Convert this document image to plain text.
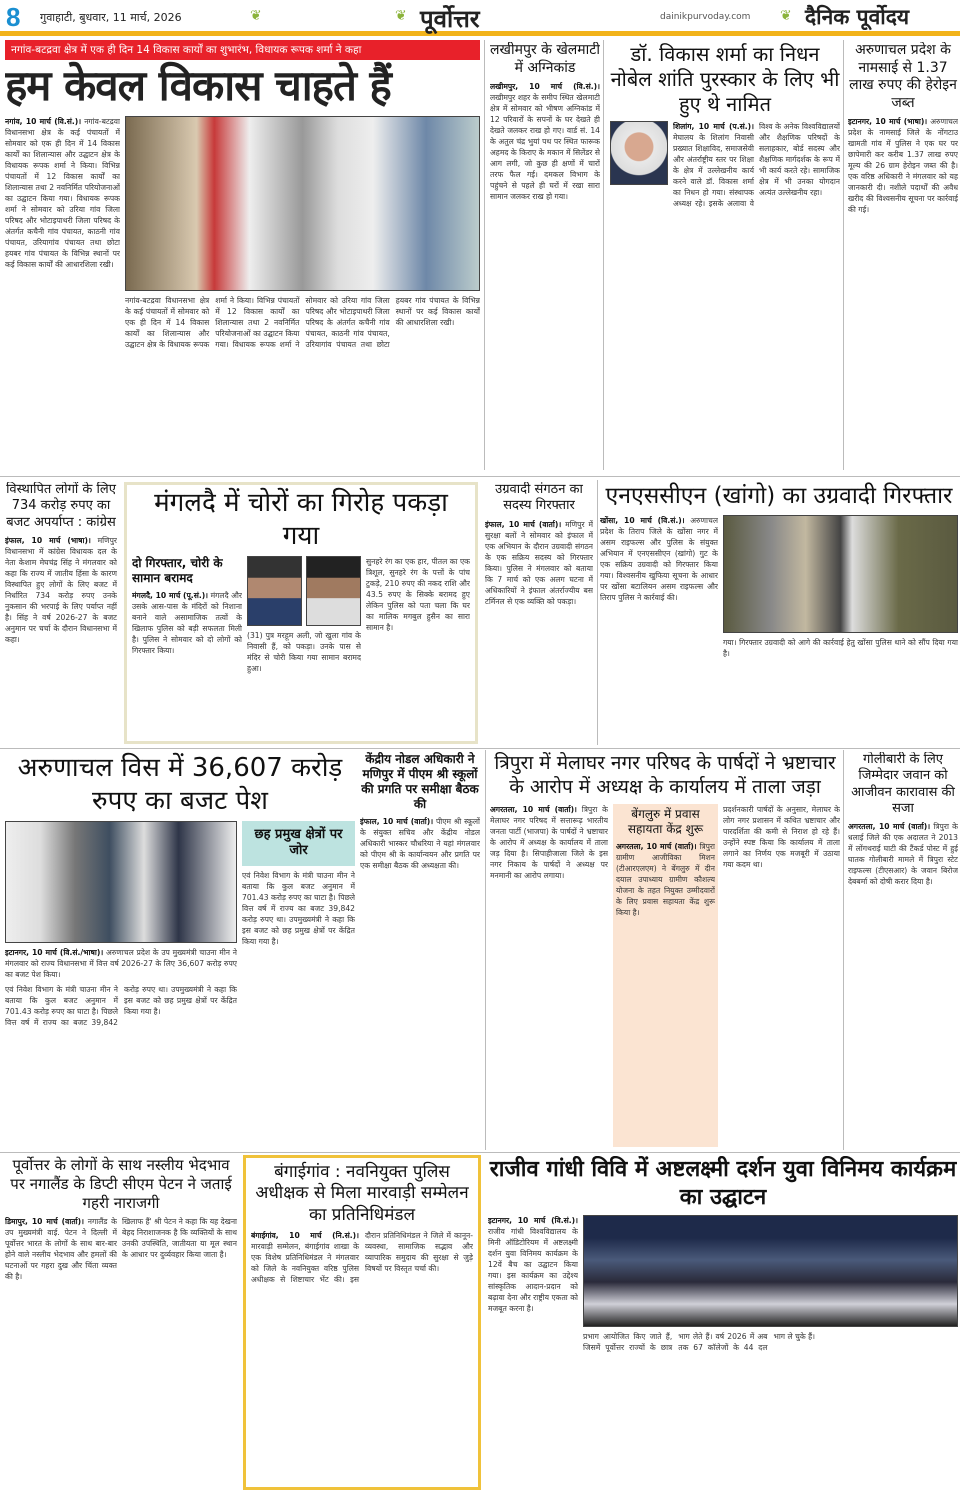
8 गुवाहाटी, बुधवार, 11 मार्च, 2026	❦	❦ पूर्वोत्तर	dainikpurvoday.com ❦ दैनिक पूर्वोदय
नगांव-बटद्रवा क्षेत्र में एक ही दिन 14 विकास कार्यों का शुभारंभ, विधायक रूपक शर्मा ने कहा
हम केवल विकास चाहते हैं
नगांव, 10 मार्च (वि.सं.)। नगांव-बटद्रवा विधानसभा क्षेत्र के कई पंचायतों में सोमवार को एक ही दिन में 14 विकास कार्यों का शिलान्यास और उद्घाटन क्षेत्र के विधायक रूपक शर्मा ने किया। विभिन्न पंचायतों में 12 विकास कार्यों का शिलान्यास तथा 2 नवनिर्मित परियोजनाओं का उद्घाटन किया गया। विधायक रूपक शर्मा ने सोमवार को उरिया गांव जिला परिषद और भोटाइपाथरी जिला परिषद के अंतर्गत कचैनी गांव पंचायत, काठनी गांव पंचायत, उरियागांव पंचायत तथा छोटा हयबर गांव पंचायत के विभिन्न स्थानों पर कई विकास कार्यों की आधारशिला रखी।
नगांव-बटद्रवा विधानसभा क्षेत्र के कई पंचायतों में सोमवार को एक ही दिन में 14 विकास कार्यों का शिलान्यास और उद्घाटन क्षेत्र के विधायक रूपक शर्मा ने किया। विभिन्न पंचायतों में 12 विकास कार्यों का शिलान्यास तथा 2 नवनिर्मित परियोजनाओं का उद्घाटन किया गया। विधायक रूपक शर्मा ने सोमवार को उरिया गांव जिला परिषद और भोटाइपाथरी जिला परिषद के अंतर्गत कचैनी गांव पंचायत, काठनी गांव पंचायत, उरियागांव पंचायत तथा छोटा हयबर गांव पंचायत के विभिन्न स्थानों पर कई विकास कार्यों की आधारशिला रखी।
लखीमपुर के खेलमाटी में अग्निकांड
लखीमपुर, 10 मार्च (वि.सं.)। लखीमपुर शहर के समीप स्थित खेलमाटी क्षेत्र में सोमवार को भीषण अग्निकांड में 12 परिवारों के सपनों के घर देखते ही देखते जलकर राख हो गए। वार्ड सं. 14 के अतुल चंद्र भुयां पथ पर स्थित फारूक अहमद के किराए के मकान में सिलेंडर से आग लगी, जो कुछ ही क्षणों में चारों तरफ फैल गई। दमकल विभाग के पहुंचने से पहले ही घरों में रखा सारा सामान जलकर राख हो गया।
डॉ. विकास शर्मा का निधन नोबेल शांति पुरस्कार के लिए भी हुए थे नामित
शिलांग, 10 मार्च (प.सं.)। मेघालय के शिलांग निवासी प्रख्यात शिक्षाविद, समाजसेवी और अंतर्राष्ट्रीय स्तर पर शिक्षा के क्षेत्र में उल्लेखनीय कार्य करने वाले डॉ. विकास शर्मा का निधन हो गया। संस्थापक अध्यक्ष रहे। इसके अलावा वे विश्व के अनेक विश्वविद्यालयों और शैक्षणिक परिषदों के सलाहकार, बोर्ड सदस्य और शैक्षणिक मार्गदर्शक के रूप में भी कार्य करते रहे। सामाजिक क्षेत्र में भी उनका योगदान अत्यंत उल्लेखनीय रहा।
अरुणाचल प्रदेश के नामसाई से 1.37 लाख रुपए की हेरोइन जब्त
इटानगर, 10 मार्च (भाषा)। अरुणाचल प्रदेश के नामसाई जिले के नोंगटाउ खामती गांव में पुलिस ने एक घर पर छापेमारी कर करीब 1.37 लाख रुपए मूल्य की 26 ग्राम हेरोइन जब्त की है। एक वरिष्ठ अधिकारी ने मंगलवार को यह जानकारी दी। नशीले पदार्थों की अवैध खरीद की विश्वसनीय सूचना पर कार्रवाई की गई।
विस्थापित लोगों के लिए 734 करोड़ रुपए का बजट अपर्याप्त : कांग्रेस
इंफाल, 10 मार्च (भाषा)। मणिपुर विधानसभा में कांग्रेस विधायक दल के नेता केशाम मेघचंद्र सिंह ने मंगलवार को कहा कि राज्य में जातीय हिंसा के कारण विस्थापित हुए लोगों के लिए बजट में निर्धारित 734 करोड़ रुपए उनके नुकसान की भरपाई के लिए पर्याप्त नहीं है। सिंह ने वर्ष 2026-27 के बजट अनुमान पर चर्चा के दौरान विधानसभा में कहा।
मंगलदै में चोरों का गिरोह पकड़ा गया
दो गिरफ्तार, चोरी के सामान बरामद
मंगलदै, 10 मार्च (पू.सं.)। मंगलदै और उसके आस-पास के मंदिरों को निशाना बनाने वाले असामाजिक तत्वों के खिलाफ पुलिस को बड़ी सफलता मिली है। पुलिस ने सोमवार को दो लोगों को गिरफ्तार किया।
(31) पुत्र मरहूम अली, जो खुला गांव के निवासी हैं, को पकड़ा। उनके पास से मंदिर से चोरी किया गया सामान बरामद हुआ।
सुनहरे रंग का एक हार, पीतल का एक त्रिशूल, सुनहरे रंग के पत्तों के पांच टुकड़े, 210 रुपए की नकद राशि और 43.5 रुपए के सिक्के बरामद हुए लेकिन पुलिस को पता चला कि घर का मालिक मगबुल हुसैन का सारा सामान है।
उग्रवादी संगठन का सदस्य गिरफ्तार
इंफाल, 10 मार्च (वार्ता)। मणिपुर में सुरक्षा बलों ने सोमवार को इंफाल में एक अभियान के दौरान उग्रवादी संगठन के एक सक्रिय सदस्य को गिरफ्तार किया। पुलिस ने मंगलवार को बताया कि 7 मार्च को एक अलग घटना में अधिकारियों ने इंफाल अंतर्राज्यीय बस टर्मिनल से एक व्यक्ति को पकड़ा।
एनएससीएन (खांगो) का उग्रवादी गिरफ्तार
खोंसा, 10 मार्च (वि.सं.)। अरुणाचल प्रदेश के तिराप जिले के खोंसा नगर में असम राइफल्स और पुलिस के संयुक्त अभियान में एनएससीएन (खांगो) गुट के एक सक्रिय उग्रवादी को गिरफ्तार किया गया। विश्वसनीय खुफिया सूचना के आधार पर खोंसा बटालियन असम राइफल्स और तिराप पुलिस ने कार्रवाई की।
गया। गिरफ्तार उग्रवादी को आगे की कार्रवाई हेतु खोंसा पुलिस थाने को सौंप दिया गया है।
अरुणाचल विस में 36,607 करोड़ रुपए का बजट पेश
इटानगर, 10 मार्च (वि.सं./भाषा)। अरुणाचल प्रदेश के उप मुख्यमंत्री चाउना मीन ने मंगलवार को राज्य विधानसभा में वित्त वर्ष 2026-27 के लिए 36,607 करोड़ रुपए का बजट पेश किया।
एवं निवेश विभाग के मंत्री चाउना मीन ने बताया कि कुल बजट अनुमान में 701.43 करोड़ रुपए का घाटा है। पिछले वित्त वर्ष में राज्य का बजट 39,842 करोड़ रुपए था। उपमुख्यमंत्री ने कहा कि इस बजट को छह प्रमुख क्षेत्रों पर केंद्रित किया गया है।
छह प्रमुख क्षेत्रों पर जोर
एवं निवेश विभाग के मंत्री चाउना मीन ने बताया कि कुल बजट अनुमान में 701.43 करोड़ रुपए का घाटा है। पिछले वित्त वर्ष में राज्य का बजट 39,842 करोड़ रुपए था। उपमुख्यमंत्री ने कहा कि इस बजट को छह प्रमुख क्षेत्रों पर केंद्रित किया गया है।
केंद्रीय नोडल अधिकारी ने मणिपुर में पीएम श्री स्कूलों की प्रगति पर समीक्षा बैठक की
इंफाल, 10 मार्च (वार्ता)। पीएम श्री स्कूलों के संयुक्त सचिव और केंद्रीय नोडल अधिकारी भास्कर चौधरिया ने यहां मंगलवार को पीएम श्री के कार्यान्वयन और प्रगति पर एक समीक्षा बैठक की अध्यक्षता की।
त्रिपुरा में मेलाघर नगर परिषद के पार्षदों ने भ्रष्टाचार के आरोप में अध्यक्ष के कार्यालय में ताला जड़ा
अगरतला, 10 मार्च (वार्ता)। त्रिपुरा के मेलाघर नगर परिषद में सत्तारूढ़ भारतीय जनता पार्टी (भाजपा) के पार्षदों ने भ्रष्टाचार के आरोप में अध्यक्ष के कार्यालय में ताला जड़ दिया है। सिपाहीजाला जिले के इस नगर निकाय के पार्षदों ने अध्यक्ष पर मनमानी का आरोप लगाया।
बेंगलुरु में प्रवास सहायता केंद्र शुरू
अगरतला, 10 मार्च (वार्ता)। त्रिपुरा ग्रामीण आजीविका मिशन (टीआरएलएम) ने बेंगलुरु में दीन दयाल उपाध्याय ग्रामीण कौशल्य योजना के तहत नियुक्त उम्मीदवारों के लिए प्रवास सहायता केंद्र शुरू किया है।
प्रदर्शनकारी पार्षदों के अनुसार, मेलाघर के लोग नगर प्रशासन में कथित भ्रष्टाचार और पारदर्शिता की कमी से निराश हो रहे हैं। उन्होंने स्पष्ट किया कि कार्यालय में ताला लगाने का निर्णय एक मजबूरी में उठाया गया कदम था।
गोलीबारी के लिए जिम्मेदार जवान को आजीवन कारावास की सजा
अगरतला, 10 मार्च (वार्ता)। त्रिपुरा के धलाई जिले की एक अदालत ने 2013 में लोंगथराई घाटी की टैंकर्ड पोस्ट में हुई घातक गोलीबारी मामले में त्रिपुरा स्टेट राइफल्स (टीएसआर) के जवान बिरोज देबबर्मा को दोषी करार दिया है।
पूर्वोत्तर के लोगों के साथ नस्लीय भेदभाव पर नगालैंड के डिप्टी सीएम पेटन ने जताई गहरी नाराजगी
डिमापुर, 10 मार्च (वार्ता)। नगालैंड के उप मुख्यमंत्री वाई. पेटन ने दिल्ली में पूर्वोत्तर भारत के लोगों के साथ बार-बार होने वाले नस्लीय भेदभाव और हमलों की घटनाओं पर गहरा दुख और चिंता व्यक्त की है।
खिलाफ हैं' श्री पेटन ने कहा कि यह देखना बेहद निराशाजनक है कि व्यक्तियों के साथ उनकी उपस्थिति, जातीयता या मूल स्थान के आधार पर दुर्व्यवहार किया जाता है।
बंगाईगांव : नवनियुक्त पुलिस अधीक्षक से मिला मारवाड़ी सम्मेलन का प्रतिनिधिमंडल
बंगाईगांव, 10 मार्च (नि.सं.)। मारवाड़ी सम्मेलन, बंगाईगांव शाखा के एक विशेष प्रतिनिधिमंडल ने मंगलवार को जिले के नवनियुक्त वरिष्ठ पुलिस अधीक्षक से शिष्टाचार भेंट की। इस दौरान प्रतिनिधिमंडल ने जिले में कानून-व्यवस्था, सामाजिक सद्भाव और व्यापारिक समुदाय की सुरक्षा से जुड़े विषयों पर विस्तृत चर्चा की।
राजीव गांधी विवि में अष्टलक्ष्मी दर्शन युवा विनिमय कार्यक्रम का उद्घाटन
इटानगर, 10 मार्च (वि.सं.)। राजीव गांधी विश्वविद्यालय के मिनी ऑडिटोरियम में अष्टलक्ष्मी दर्शन युवा विनिमय कार्यक्रम के 12वें बैच का उद्घाटन किया गया। इस कार्यक्रम का उद्देश्य सांस्कृतिक आदान-प्रदान को बढ़ावा देना और राष्ट्रीय एकता को मजबूत करना है।
प्रभाग आयोजित किए जाते हैं, जिसमें पूर्वोत्तर राज्यों के छात्र भाग लेते हैं। वर्ष 2026 में अब तक 67 कॉलेजों के 44 दल भाग ले चुके हैं।
